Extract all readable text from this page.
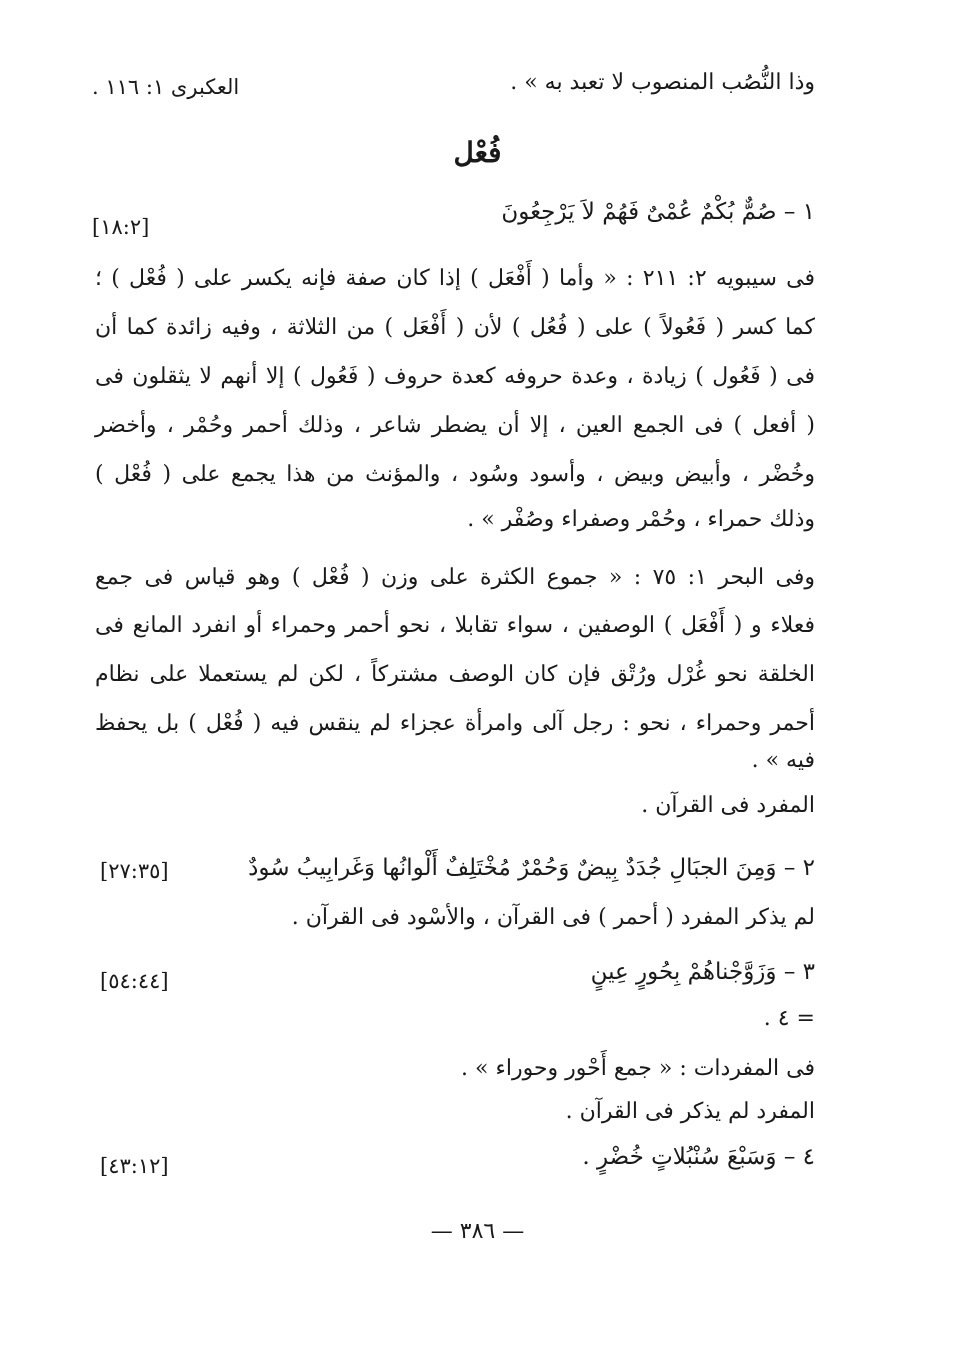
وذا النُّصُب المنصوب لا تعبد به » .
العكبرى ١: ١١٦ .
فُعْل
١ – صُمٌّ بُكْمٌ عُمْىٌ فَهُمْ لاَ يَرْجِعُونَ
[١٨:٢]
فى سيبويه ٢: ٢١١ : « وأما ( أَفْعَل ) إذا كان صفة فإنه يكسر على ( فُعْل ) ؛
كما كسر ( فَعُولاً ) على ( فُعُل ) لأن ( أَفْعَل ) من الثلاثة ، وفيه زائدة كما أن
فى ( فَعُول ) زيادة ، وعدة حروفه كعدة حروف ( فَعُول ) إلا أنهم لا يثقلون فى
( أفعل ) فى الجمع العين ، إلا أن يضطر شاعر ، وذلك أحمر وحُمْر ، وأخضر
وخُضْر ، وأبيض وبيض ، وأسود وسُود ، والمؤنث من هذا يجمع على ( فُعْل )
وذلك حمراء ، وحُمْر وصفراء وصُفْر » .
وفى البحر ١: ٧٥ : « جموع الكثرة على وزن ( فُعْل ) وهو قياس فى جمع
فعلاء و ( أَفْعَل ) الوصفين ، سواء تقابلا ، نحو أحمر وحمراء أو انفرد المانع فى
الخلقة نحو غُرْل ورُتْق فإن كان الوصف مشتركاً ، لكن لم يستعملا على نظام
أحمر وحمراء ، نحو : رجل آلى وامرأة عجزاء لم ينقس فيه ( فُعْل ) بل يحفظ
فيه » .
المفرد فى القرآن .
٢ – وَمِنَ الجبَالِ جُدَدٌ بِيضٌ وَحُمْرٌ مُخْتَلِفٌ أَلْوانُها وَغَرابِيبُ سُودٌ
[٢٧:٣٥]
لم يذكر المفرد ( أحمر ) فى القرآن ، والأسْود فى القرآن .
٣ – وَزَوَّجْناهُمْ بِحُورٍ عِينٍ
[٥٤:٤٤]
= ٤ .
فى المفردات : « جمع أَحْور وحوراء » .
المفرد لم يذكر فى القرآن .
٤ – وَسَبْعَ سُنْبُلاتٍ خُضْرٍ .
[٤٣:١٢]
— ٣٨٦ —
